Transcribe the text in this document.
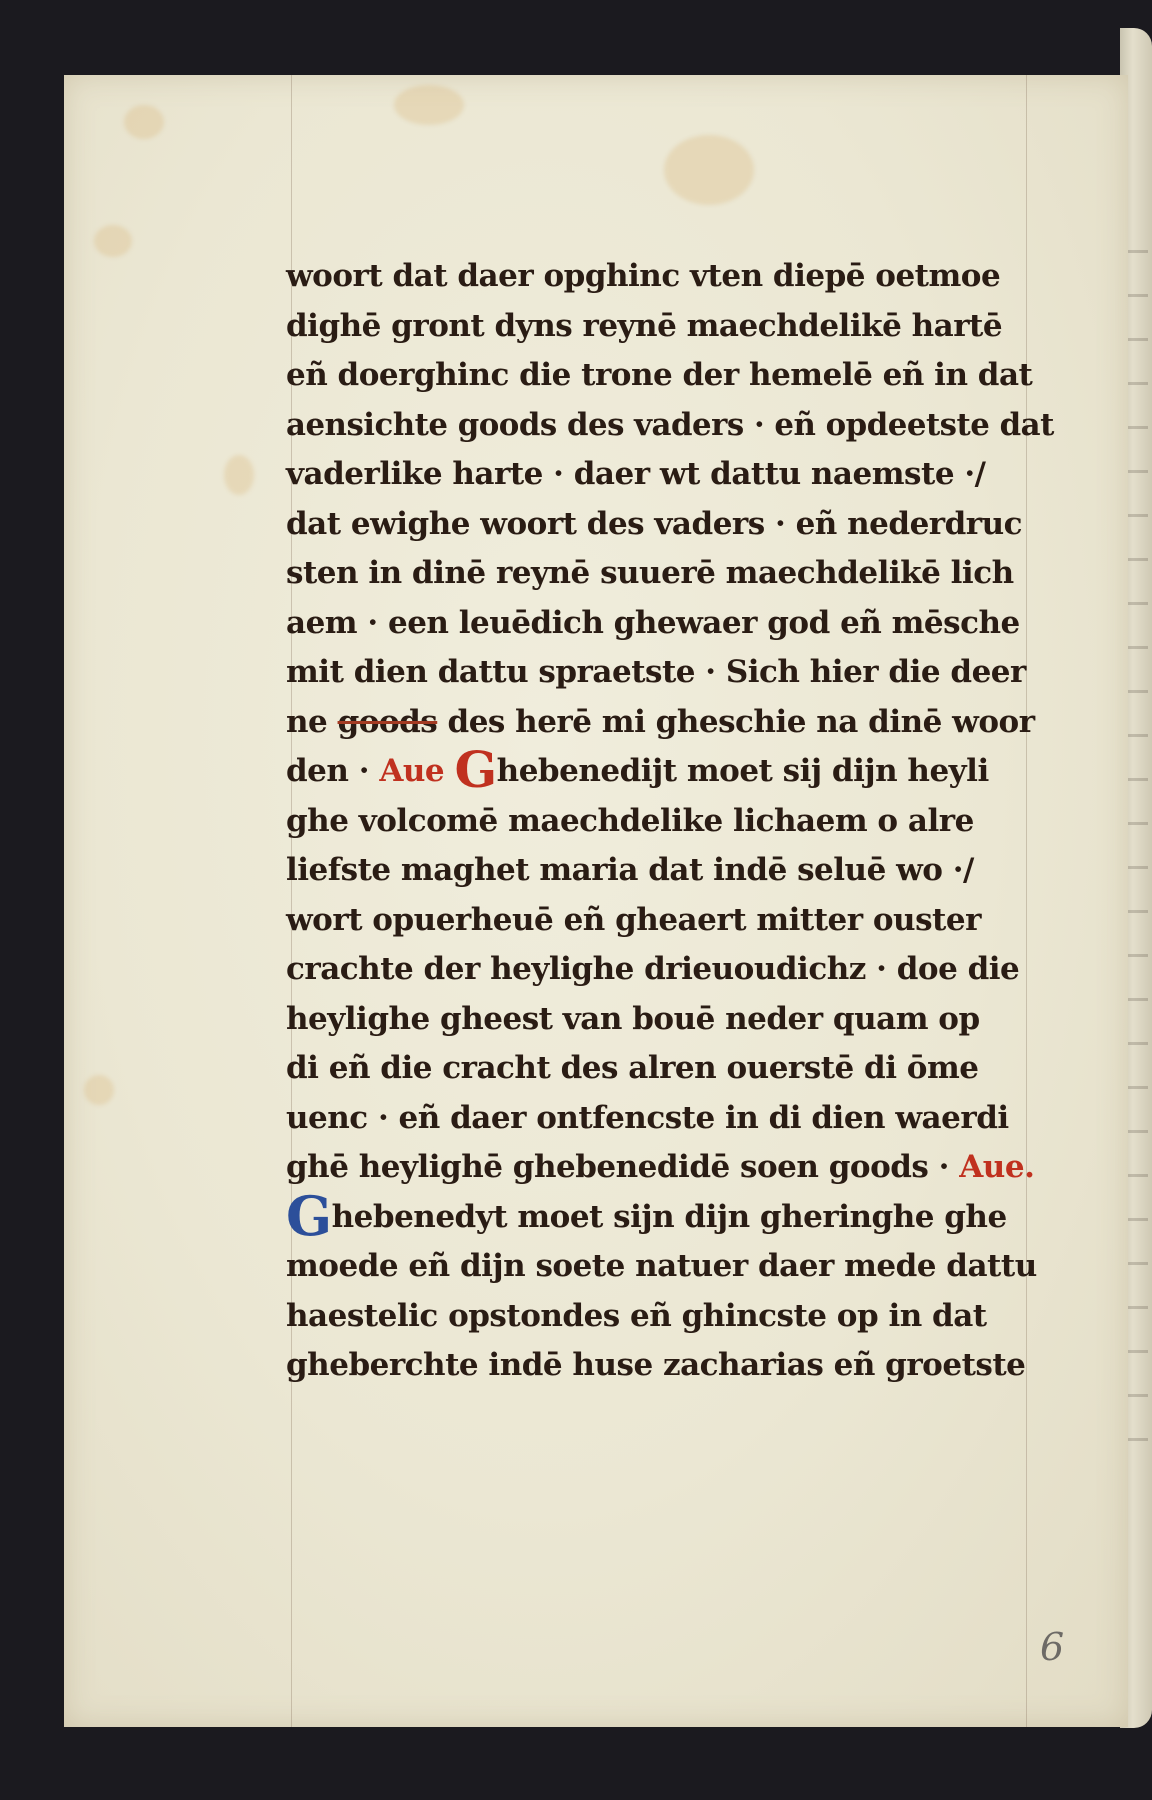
woort dat daer opghinc vten diepē oetmoe
dighē gront dyns reynē maechdelikē hartē
eñ doerghinc die trone der hemelē eñ in dat
aensichte goods des vaders · eñ opdeetste dat
vaderlike harte · daer wt dattu naemste ·/
dat ewighe woort des vaders · eñ nederdruc
sten in dinē reynē suuerē maechdelikē lich
aem · een leuēdich ghewaer god eñ mēsche
mit dien dattu spraetste · Sich hier die deer
ne goods des herē mi gheschie na dinē woor
den · Aue Ghebenedijt moet sij dijn heyli
ghe volcomē maechdelike lichaem o alre
liefste maghet maria dat indē seluē wo ·/
wort opuerheuē eñ gheaert mitter ouster
crachte der heylighe drieuoudichz · doe die
heylighe gheest van bouē neder quam op
di eñ die cracht des alren ouerstē di ōme
uenc · eñ daer ontfencste in di dien waerdi
ghē heylighē ghebenedidē soen goods · Aue.
Ghebenedyt moet sijn dijn gheringhe ghe
moede eñ dijn soete natuer daer mede dattu
haestelic opstondes eñ ghincste op in dat
gheberchte indē huse zacharias eñ groetste
6
